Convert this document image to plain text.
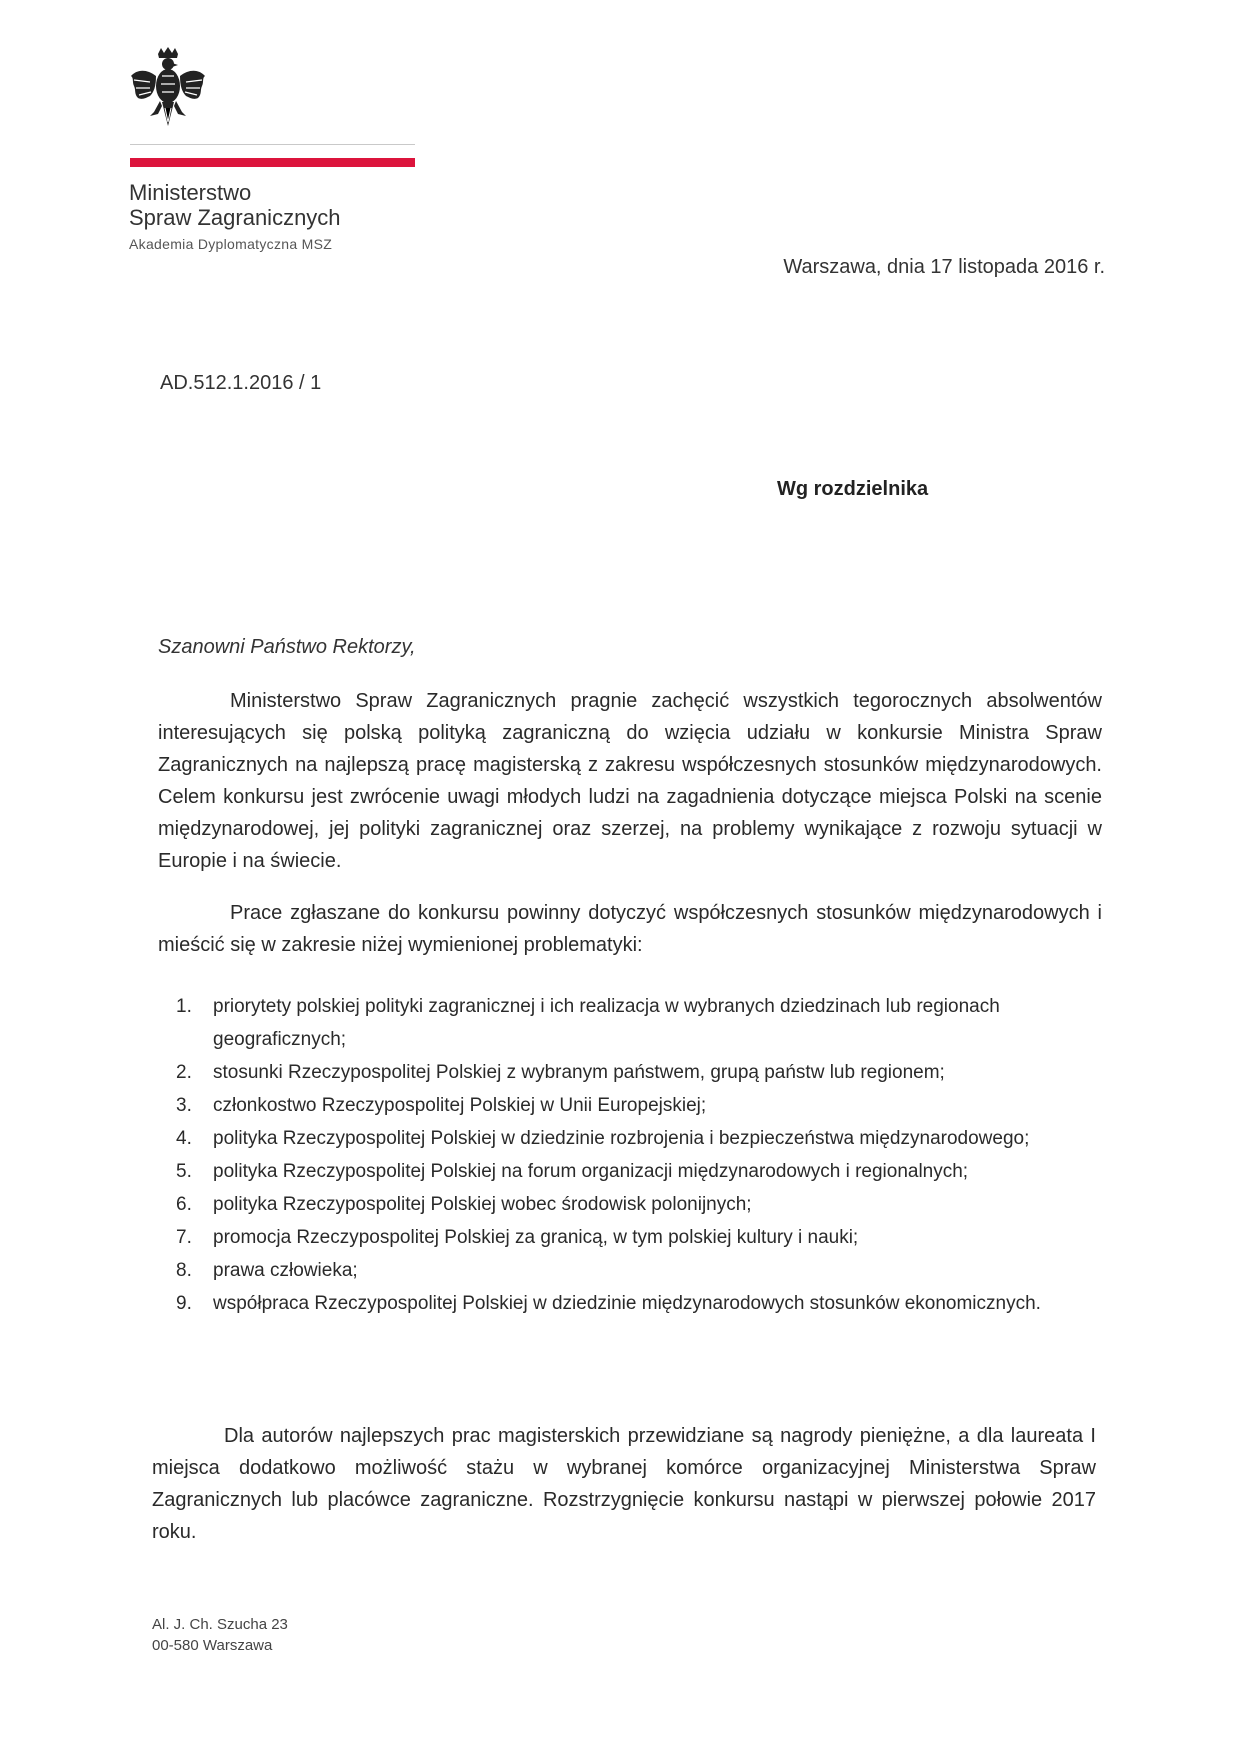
Ministerstwo
Spraw Zagranicznych
Akademia Dyplomatyczna MSZ
Warszawa, dnia 17 listopada 2016 r.
AD.512.1.2016 / 1
Wg rozdzielnika
Szanowni Państwo Rektorzy,

Ministerstwo Spraw Zagranicznych pragnie zachęcić wszystkich tegorocznych absolwentów interesujących się polską polityką zagraniczną do wzięcia udziału w konkursie Ministra Spraw Zagranicznych na najlepszą pracę magisterską z zakresu współczesnych stosunków międzynarodowych. Celem konkursu jest zwrócenie uwagi młodych ludzi na zagadnienia dotyczące miejsca Polski na scenie międzynarodowej, jej polityki zagranicznej oraz szerzej, na problemy wynikające z rozwoju sytuacji w Europie i na świecie.

Prace zgłaszane do konkursu powinny dotyczyć współczesnych stosunków międzynarodowych i mieścić się w zakresie niżej wymienionej problematyki:

1. priorytety polskiej polityki zagranicznej i ich realizacja w wybranych dziedzinach lub regionach geograficznych;
2. stosunki Rzeczypospolitej Polskiej z wybranym państwem, grupą państw lub regionem;
3. członkostwo Rzeczypospolitej Polskiej w Unii Europejskiej;
4. polityka Rzeczypospolitej Polskiej w dziedzinie rozbrojenia i bezpieczeństwa międzynarodowego;
5. polityka Rzeczypospolitej Polskiej na forum organizacji międzynarodowych i regionalnych;
6. polityka Rzeczypospolitej Polskiej wobec środowisk polonijnych;
7. promocja Rzeczypospolitej Polskiej za granicą, w tym polskiej kultury i nauki;
8. prawa człowieka;
9. współpraca Rzeczypospolitej Polskiej w dziedzinie międzynarodowych stosunków ekonomicznych.

Dla autorów najlepszych prac magisterskich przewidziane są nagrody pieniężne, a dla laureata I miejsca dodatkowo możliwość stażu w wybranej komórce organizacyjnej Ministerstwa Spraw Zagranicznych lub placówce zagraniczne. Rozstrzygnięcie konkursu nastąpi w pierwszej połowie 2017 roku.

Al. J. Ch. Szucha 23
00-580 Warszawa
